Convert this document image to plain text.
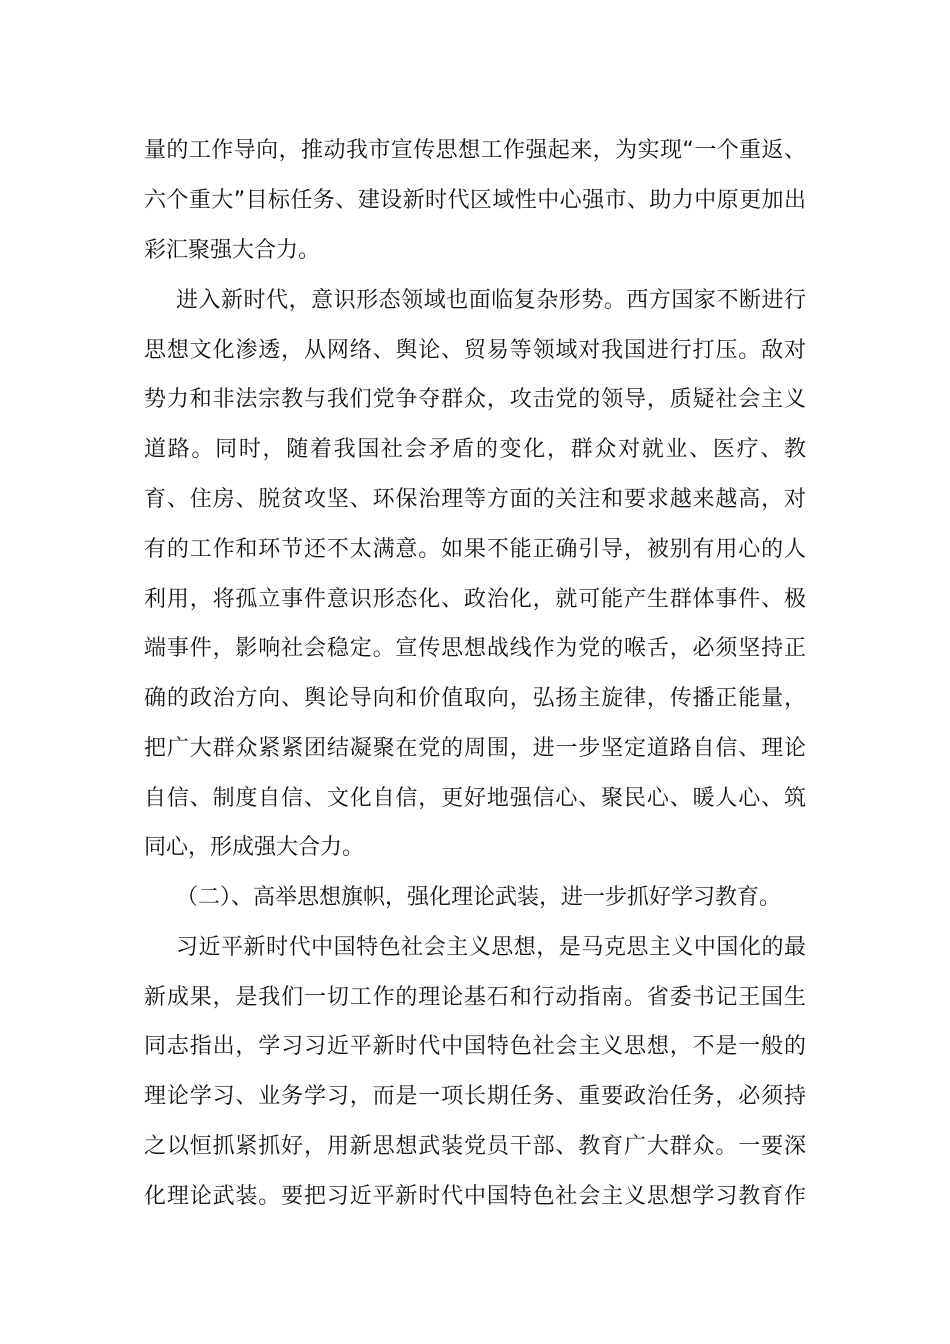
量的工作导向，推动我市宣传思想工作强起来，为实现“一个重返、
六个重大”目标任务、建设新时代区域性中心强市、助力中原更加出
彩汇聚强大合力。
进入新时代，意识形态领域也面临复杂形势。西方国家不断进行
思想文化渗透，从网络、舆论、贸易等领域对我国进行打压。敌对
势力和非法宗教与我们党争夺群众，攻击党的领导，质疑社会主义
道路。同时，随着我国社会矛盾的变化，群众对就业、医疗、教
育、住房、脱贫攻坚、环保治理等方面的关注和要求越来越高，对
有的工作和环节还不太满意。如果不能正确引导，被别有用心的人
利用，将孤立事件意识形态化、政治化，就可能产生群体事件、极
端事件，影响社会稳定。宣传思想战线作为党的喉舌，必须坚持正
确的政治方向、舆论导向和价值取向，弘扬主旋律，传播正能量，
把广大群众紧紧团结凝聚在党的周围，进一步坚定道路自信、理论
自信、制度自信、文化自信，更好地强信心、聚民心、暖人心、筑
同心，形成强大合力。
（二）、高举思想旗帜，强化理论武装，进一步抓好学习教育。
习近平新时代中国特色社会主义思想，是马克思主义中国化的最
新成果，是我们一切工作的理论基石和行动指南。省委书记王国生
同志指出，学习习近平新时代中国特色社会主义思想，不是一般的
理论学习、业务学习，而是一项长期任务、重要政治任务，必须持
之以恒抓紧抓好，用新思想武装党员干部、教育广大群众。一要深
化理论武装。要把习近平新时代中国特色社会主义思想学习教育作
